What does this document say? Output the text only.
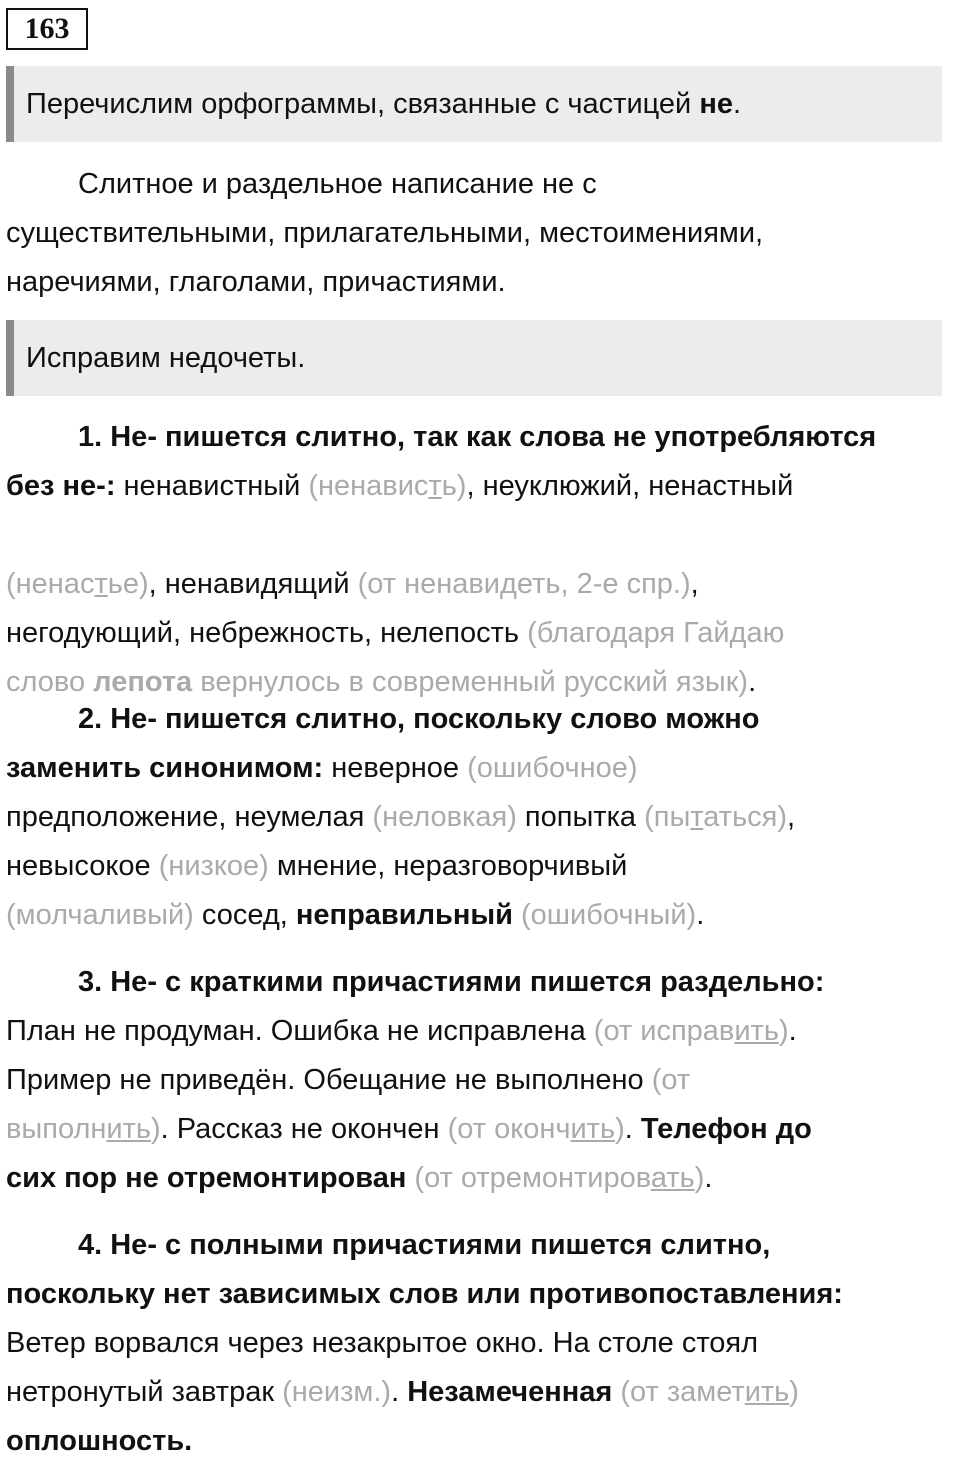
163
Перечислим орфограммы, связанные с частицей не.
Слитное и раздельное написание не с
существительными, прилагательными, местоимениями,
наречиями, глаголами, причастиями.
Исправим недочеты.
1. Не- пишется слитно, так как слова не употребляются
без не-: ненавистный (ненависть), неуклюжий, ненастный
(ненастье), ненавидящий (от ненавидеть, 2-е спр.),
негодующий, небрежность, нелепость (благодаря Гайдаю
слово лепота вернулось в современный русский язык).
2. Не- пишется слитно, поскольку слово можно
заменить синонимом: неверное (ошибочное)
предположение, неумелая (неловкая) попытка (пытаться),
невысокое (низкое) мнение, неразговорчивый
(молчаливый) сосед, неправильный (ошибочный).
3. Не- с краткими причастиями пишется раздельно:
План не продуман. Ошибка не исправлена (от исправить).
Пример не приведён. Обещание не выполнено (от
выполнить). Рассказ не окончен (от окончить). Телефон до
сих пор не отремонтирован (от отремонтировать).
4. Не- с полными причастиями пишется слитно,
поскольку нет зависимых слов или противопоставления:
Ветер ворвался через незакрытое окно. На столе стоял
нетронутый завтрак (неизм.). Незамеченная (от заметить)
оплошность.
